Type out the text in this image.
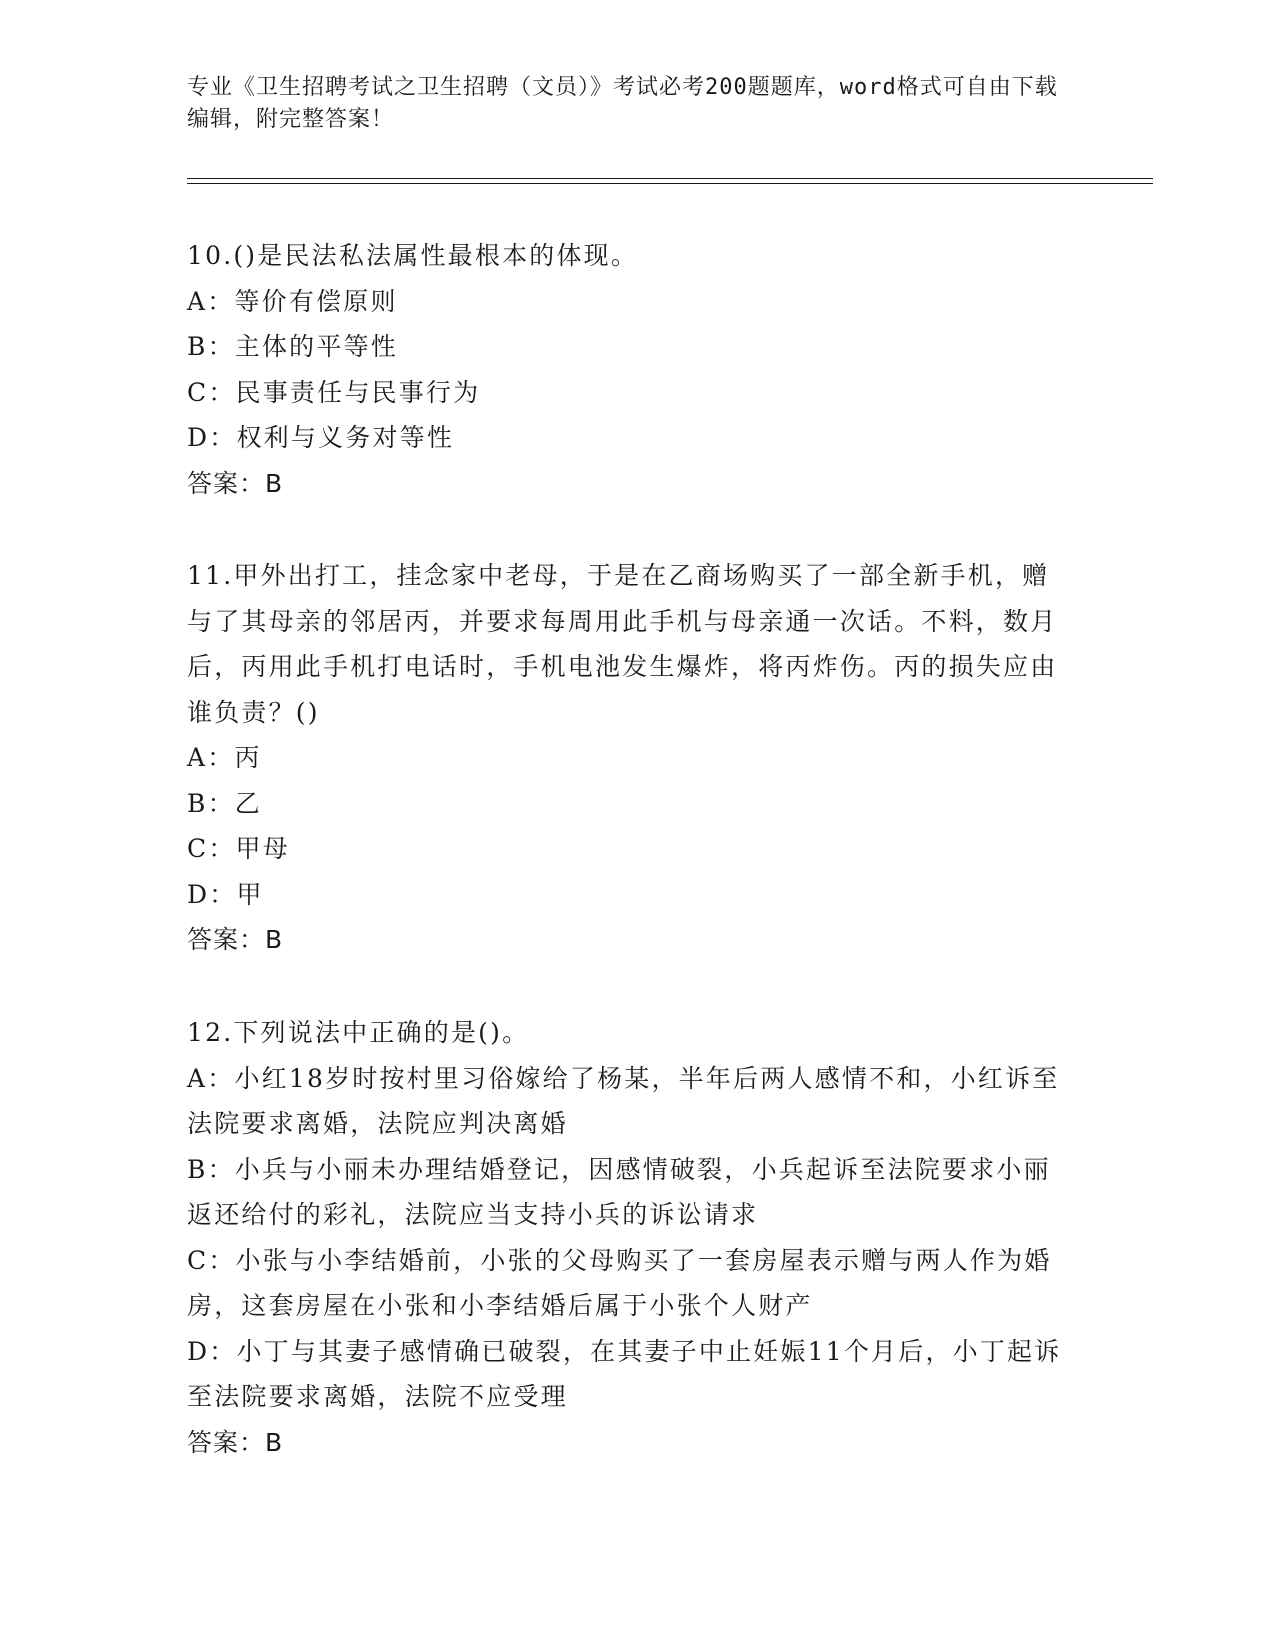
专业《卫生招聘考试之卫生招聘（文员）》考试必考200题题库，word格式可自由下载编辑，附完整答案！
10.()是民法私法属性最根本的体现。
A：等价有偿原则
B：主体的平等性
C：民事责任与民事行为
D：权利与义务对等性
答案：B
11.甲外出打工，挂念家中老母，于是在乙商场购买了一部全新手机，赠与了其母亲的邻居丙，并要求每周用此手机与母亲通一次话。不料，数月后，丙用此手机打电话时，手机电池发生爆炸，将丙炸伤。丙的损失应由谁负责？()
A：丙
B：乙
C：甲母
D：甲
答案：B
12.下列说法中正确的是()。
A：小红18岁时按村里习俗嫁给了杨某，半年后两人感情不和，小红诉至法院要求离婚，法院应判决离婚
B：小兵与小丽未办理结婚登记，因感情破裂，小兵起诉至法院要求小丽返还给付的彩礼，法院应当支持小兵的诉讼请求
C：小张与小李结婚前，小张的父母购买了一套房屋表示赠与两人作为婚房，这套房屋在小张和小李结婚后属于小张个人财产
D：小丁与其妻子感情确已破裂，在其妻子中止妊娠11个月后，小丁起诉至法院要求离婚，法院不应受理
答案：B
